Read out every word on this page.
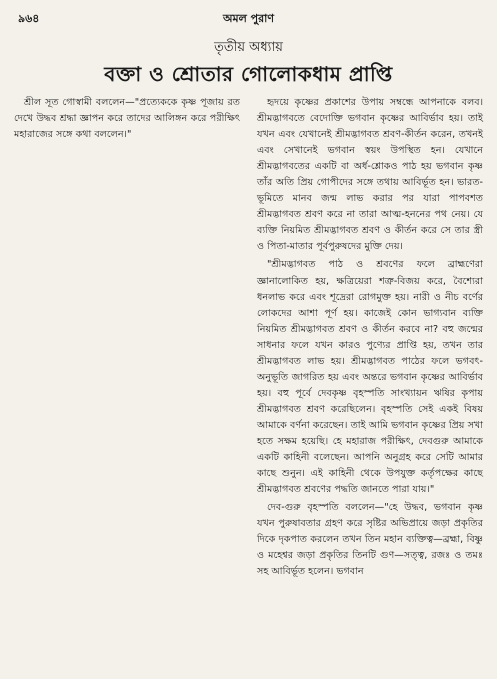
৯৬৪	অমল পুরাণ
তৃতীয় অধ্যায়
বক্তা ও শ্রোতার গোলোকধাম প্রাপ্তি

শ্রীল সূত গোস্বামী বললেন—"প্রত্যেককে কৃষ্ণ পূজায় রত দেখে উদ্ধব শ্রদ্ধা জ্ঞাপন করে তাদের আলিঙ্গন করে পরীক্ষিৎ মহারাজের সঙ্গে কথা বললেন।"

হৃদয়ে কৃষ্ণের প্রকাশের উপায় সম্বন্ধে আপনাকে বলব। শ্রীমদ্ভাগবতে বেদোক্তি ভগবান কৃষ্ণের আবির্ভাব হয়। তাই যখন এবং যেখানেই শ্রীমদ্ভাগবত শ্রবণ-কীর্তন করেন, তখনই এবং সেখানেই ভগবান স্বয়ং উপস্থিত হন। যেখানে শ্রীমদ্ভাগবতের একটি বা অর্ধ-শ্লোকও পাঠ হয় ভগবান কৃষ্ণ তাঁর অতি প্রিয় গোপীদের সঙ্গে তথায় আবির্ভূত হন। ভারত-ভূমিতে মানব জন্ম লাভ করার পর যারা পাপবশত শ্রীমদ্ভাগবত শ্রবণ করে না তারা আত্ম-হননের পথ নেয়। যে ব্যক্তি নিয়মিত শ্রীমদ্ভাগবত শ্রবণ ও কীর্তন করে সে তার স্ত্রী ও পিতা-মাতার পূর্বপুরুষদের মুক্তি দেয়।

"শ্রীমদ্ভাগবত পাঠ ও শ্রবণের ফলে ব্রাহ্মণেরা জ্ঞানালোকিত হয়, ক্ষত্রিয়েরা শত্রু-বিজয় করে, বৈশ্যেরা ধনলাভ করে এবং শূদ্রেরা রোগমুক্ত হয়। নারী ও নীচ বর্ণের লোকদের আশা পূর্ণ হয়। কাজেই কোন ভাগ্যবান ব্যক্তি নিয়মিত শ্রীমদ্ভাগবত শ্রবণ ও কীর্তন করবে না? বহু জন্মের সাধনার ফলে যখন কারও পুণ্যের প্রাপ্তি হয়, তখন তার শ্রীমদ্ভাগবত লাভ হয়। শ্রীমদ্ভাগবত পাঠের ফলে ভগবৎ-অনুভূতি জাগরিত হয় এবং অন্তরে ভগবান কৃষ্ণের আবির্ভাব হয়। বহু পূর্বে দেবকৃষ্ণ বৃহস্পতি সাংখ্যায়ন ঋষির কৃপায় শ্রীমদ্ভাগবত শ্রবণ করেছিলেন। বৃহস্পতি সেই একই বিষয় আমাকে বর্ণনা করেছেন। তাই আমি ভগবান কৃষ্ণের প্রিয় সখা হতে সক্ষম হয়েছি। হে মহারাজ পরীক্ষিৎ, দেবগুরু আমাকে একটি কাহিনী বলেছেন। আপনি অনুগ্রহ করে সেটি আমার কাছে শুনুন। এই কাহিনী থেকে উপযুক্ত কর্তৃপক্ষের কাছে শ্রীমদ্ভাগবত শ্রবণের পদ্ধতি জানতে পারা যায়।"

দেব-গুরু বৃহস্পতি বললেন—"হে উদ্ধব, ভগবান কৃষ্ণ যখন পুরুষাবতার গ্রহণ করে সৃষ্টির অভিপ্রায়ে জড়া প্রকৃতির দিকে দৃকপাত করলেন তখন তিন মহান ব্যক্তিত্ব—ব্রহ্মা, বিষ্ণু ও মহেশ্বর জড়া প্রকৃতির তিনটি গুণ—সত্ত্ব, রজঃ ও তমঃ সহ আবির্ভূত হলেন। ভগবান
